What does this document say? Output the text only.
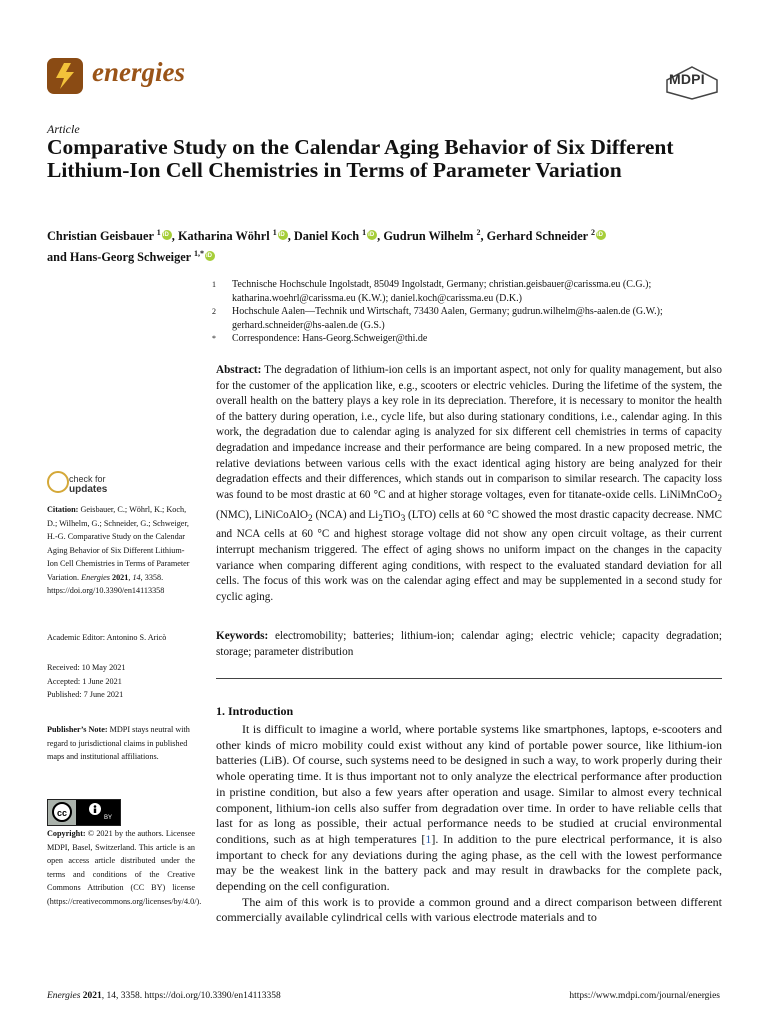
energies	MDPI
Article
Comparative Study on the Calendar Aging Behavior of Six Different Lithium-Ion Cell Chemistries in Terms of Parameter Variation
Christian Geisbauer $^1$ iD , Katharina Wöhrl $^1$ iD , Daniel Koch $^1$ iD , Gudrun Wilhelm $^2$, Gerhard Schneider $^2$iD
and Hans-Georg Schweiger $^{1,*}$iD
1	Technische Hochschule Ingolstadt, 85049 Ingolstadt, Germany; christian.geisbauer@carissma.eu (C.G.); katharina.woehrl@carissma.eu (K.W.); daniel.koch@carissma.eu (D.K.)
2	Hochschule Aalen—Technik und Wirtschaft, 73430 Aalen, Germany; gudrun.wilhelm@hs-aalen.de (G.W.); gerhard.schneider@hs-aalen.de (G.S.)
*	Correspondence: Hans-Georg.Schweiger@thi.de
Abstract: The degradation of lithium-ion cells is an important aspect, not only for quality management, but also for the customer of the application like, e.g., scooters or electric vehicles. During the lifetime of the system, the overall health on the battery plays a key role in its depreciation. Therefore, it is necessary to monitor the health of the battery during operation, i.e., cycle life, but also during stationary conditions, i.e., calendar aging. In this work, the degradation due to calendar aging is analyzed for six different cell chemistries in terms of capacity degradation and impedance increase and their performance are being compared. In a new proposed metric, the relative deviations between various cells with the exact identical aging history are being analyzed for their degradation effects and their differences, which stands out in comparison to similar research. The capacity loss was found to be most drastic at 60 °C and at higher storage voltages, even for titanate-oxide cells. LiNiMnCoO$_2$ (NMC), LiNiCoAlO$_2$ (NCA) and $Li_2TiO_3$ (LTO) cells at 60 °C showed the most drastic capacity decrease. NMC and NCA cells at 60 °C and highest storage voltage did not show any open circuit voltage, as their current interrupt mechanism triggered. The effect of aging shows no uniform impact on the changes in the capacity variance when comparing different aging conditions, with respect to the evaluated standard deviation for all cells. The focus of this work was on the calendar aging effect and may be supplemented in a second study for cyclic aging.
Keywords: electromobility; batteries; lithium-ion; calendar aging; electric vehicle; capacity degradation; storage; parameter distribution
check for
updates
Citation: Geisbauer, C.; Wöhrl, K.; Koch, D.; Wilhelm, G.; Schneider, G.; Schweiger, H.-G. Comparative Study on the Calendar Aging Behavior of Six Different Lithium-Ion Cell Chemistries in Terms of Parameter Variation. Energies 2021, 14, 3358. https://doi.org/10.3390/en14113358
Academic Editor: Antonino S. Aricò
Received: 10 May 2021
Accepted: 1 June 2021
Published: 7 June 2021
Publisher’s Note: MDPI stays neutral with regard to jurisdictional claims in published maps and institutional affiliations.
cc	BY
Copyright: © 2021 by the authors. Licensee MDPI, Basel, Switzerland. This article is an open access article distributed under the terms and conditions of the Creative Commons Attribution (CC BY) license (https://creativecommons.org/licenses/by/4.0/).
1. Introduction

It is difficult to imagine a world, where portable systems like smartphones, laptops, e-scooters and other kinds of micro mobility could exist without any kind of portable power source, like lithium-ion batteries (LiB). Of course, such systems need to be designed in such a way, to work properly during their whole operating time. It is thus important not to only analyze the electrical performance after production in pristine condition, but also a few years after operation and usage. Similar to almost every technical component, lithium-ion cells also suffer from degradation over time. In order to have reliable cells that last for as long as possible, their actual performance needs to be studied at crucial environmental conditions, such as at high temperatures [1]. In addition to the pure electrical performance, it is also important to check for any deviations during the aging phase, as the cell with the lowest performance may be the weakest link in the battery pack and may result in drawbacks for the complete pack, depending on the cell configuration.

The aim of this work is to provide a common ground and a direct comparison between different commercially available cylindrical cells with various electrode materials and to

Energies 2021, 14, 3358. https://doi.org/10.3390/en14113358	https://www.mdpi.com/journal/energies
